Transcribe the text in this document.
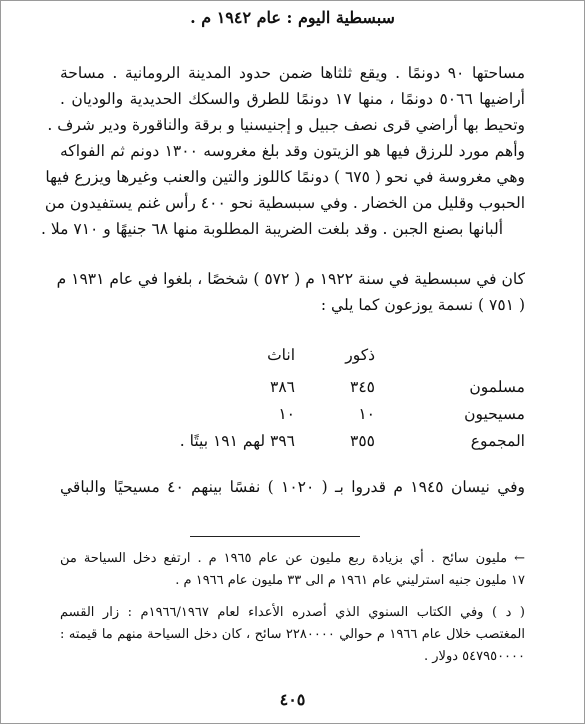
سبسطية اليوم : عام ١٩٤٢ م .
مساحتها ٩٠ دونمًا . ويقع ثلثاها ضمن حدود المدينة الرومانية . مساحة
أراضيها ٥٠٦٦ دونمًا ، منها ١٧ دونمًا للطرق والسكك الحديدية والوديان .
وتحيط بها أراضي قرى نصف جبيل و إجنيسنيا و برقة والناقورة ودير شرف .
وأهم مورد للرزق فيها هو الزيتون وقد بلغ مغروسه ١٣٠٠ دونم ثم الفواكه
وهي مغروسة في نحو ( ٦٧٥ ) دونمًا كاللوز والتين والعنب وغيرها ويزرع فيها
الحبوب وقليل من الخضار . وفي سبسطية نحو ٤٠٠ رأس غنم يستفيدون من
ألبانها بصنع الجبن . وقد بلغت الضريبة المطلوبة منها ٦٨ جنيهًا و ٧١٠ ملا .
كان في سبسطية في سنة ١٩٢٢ م ( ٥٧٢ ) شخصًا ، بلغوا في عام ١٩٣١ م
( ٧٥١ ) نسمة يوزعون كما يلي :
ذكور
اناث
مسلمون
٣٤٥
٣٨٦
مسيحيون
١٠
١٠
المجموع
٣٥٥
٣٩٦ لهم ١٩١ بيتًا .
وفي نيسان ١٩٤٥ م قدروا بـ ( ١٠٢٠ ) نفسًا بينهم ٤٠ مسيحيًا والباقي
← مليون سائح . أي بزيادة ربع مليون عن عام ١٩٦٥ م . ارتفع دخل السياحة من
١٧ مليون جنيه استرليني عام ١٩٦١ م الى ٣٣ مليون عام ١٩٦٦ م .
( د ) وفي الكتاب السنوي الذي أصدره الأعداء لعام ١٩٦٦/١٩٦٧م : زار القسم
المغتصب خلال عام ١٩٦٦ م حوالي ٢٢٨٠٠٠٠ سائح ، كان دخل السياحة منهم ما قيمته :
٥٤٧٩٥٠٠٠٠ دولار .
٤٠٥
